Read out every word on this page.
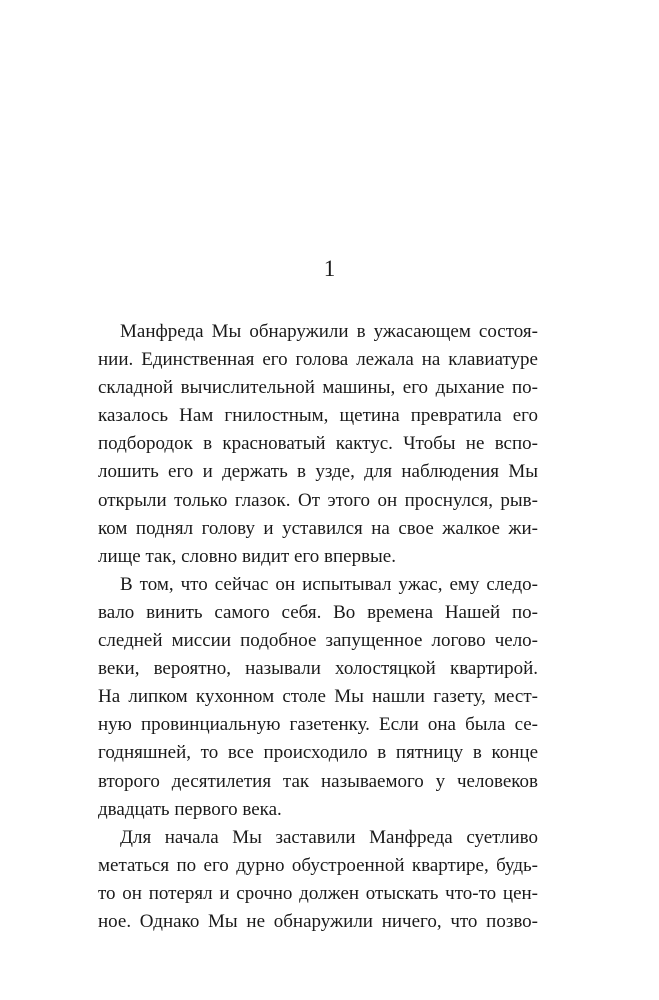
1
Манфреда Мы обнаружили в ужасающем состоя-
нии. Единственная его голова лежала на клавиатуре
складной вычислительной машины, его дыхание по-
казалось Нам гнилостным, щетина превратила его
подбородок в красноватый кактус. Чтобы не вспо-
лошить его и держать в узде, для наблюдения Мы
открыли только глазок. От этого он проснулся, рыв-
ком поднял голову и уставился на свое жалкое жи-
лище так, словно видит его впервые.
В том, что сейчас он испытывал ужас, ему следо-
вало винить самого себя. Во времена Нашей по-
следней миссии подобное запущенное логово чело-
веки, вероятно, называли холостяцкой квартирой.
На липком кухонном столе Мы нашли газету, мест-
ную провинциальную газетенку. Если она была се-
годняшней, то все происходило в пятницу в конце
второго десятилетия так называемого у человеков
двадцать первого века.
Для начала Мы заставили Манфреда суетливо
метаться по его дурно обустроенной квартире, будь-
то он потерял и срочно должен отыскать что-то цен-
ное. Однако Мы не обнаружили ничего, что позво-
